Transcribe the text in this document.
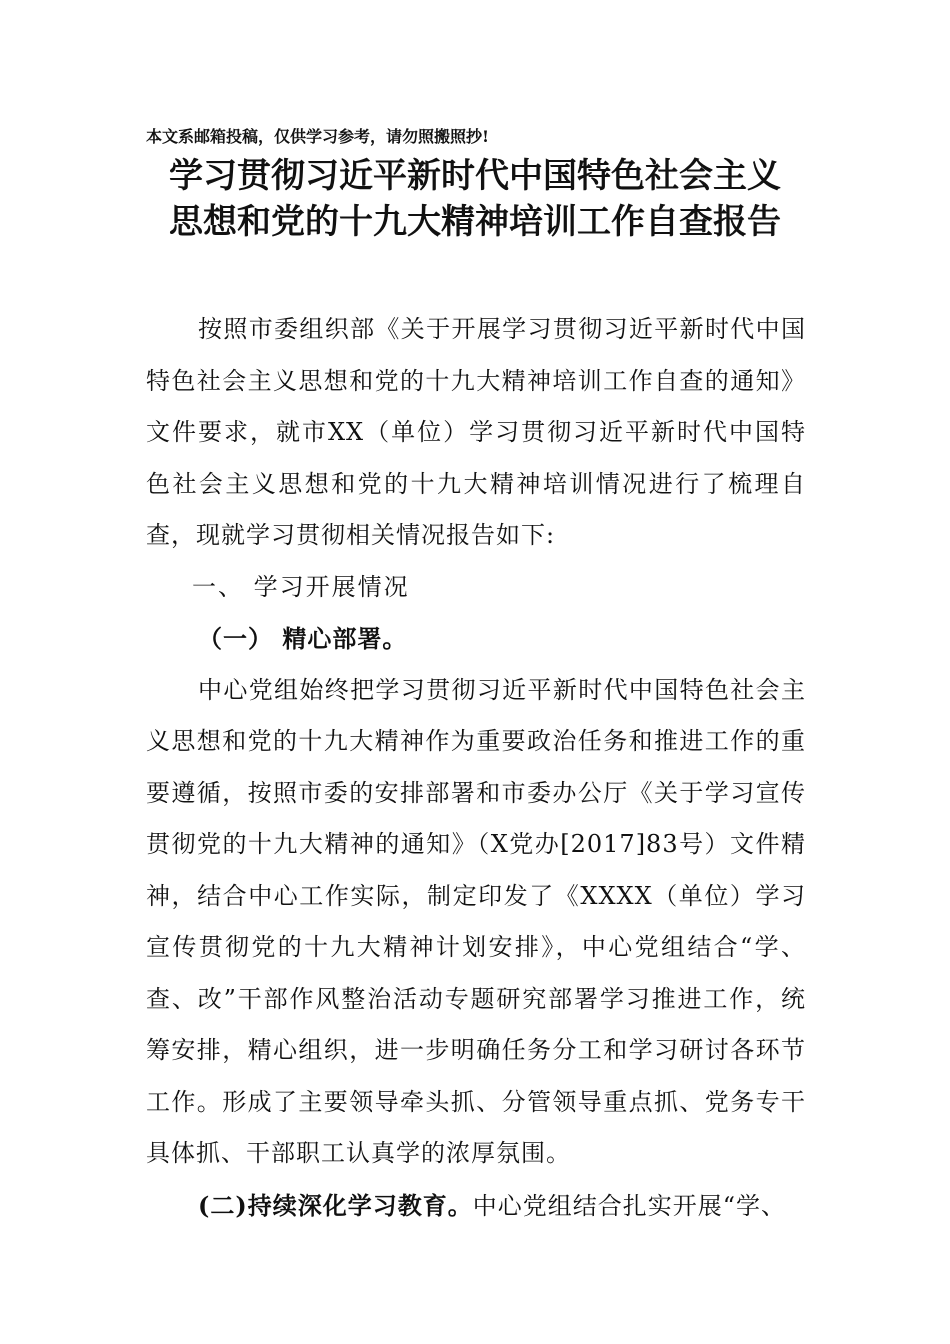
本文系邮箱投稿，仅供学习参考，请勿照搬照抄!
学习贯彻习近平新时代中国特色社会主义
思想和党的十九大精神培训工作自查报告
按照市委组织部《关于开展学习贯彻习近平新时代中国特色社会主义思想和党的十九大精神培训工作自查的通知》文件要求，就市XX（单位）学习贯彻习近平新时代中国特色社会主义思想和党的十九大精神培训情况进行了梳理自查，现就学习贯彻相关情况报告如下:
一、 学习开展情况
（一） 精心部署。
中心党组始终把学习贯彻习近平新时代中国特色社会主义思想和党的十九大精神作为重要政治任务和推进工作的重要遵循，按照市委的安排部署和市委办公厅《关于学习宣传贯彻党的十九大精神的通知》（X党办[2017]83号）文件精神，结合中心工作实际，制定印发了《XXXX（单位）学习宣传贯彻党的十九大精神计划安排》，中心党组结合“学、查、改”干部作风整治活动专题研究部署学习推进工作，统筹安排，精心组织，进一步明确任务分工和学习研讨各环节工作。形成了主要领导牵头抓、分管领导重点抓、党务专干具体抓、干部职工认真学的浓厚氛围。
(二)持续深化学习教育。中心党组结合扎实开展“学、
